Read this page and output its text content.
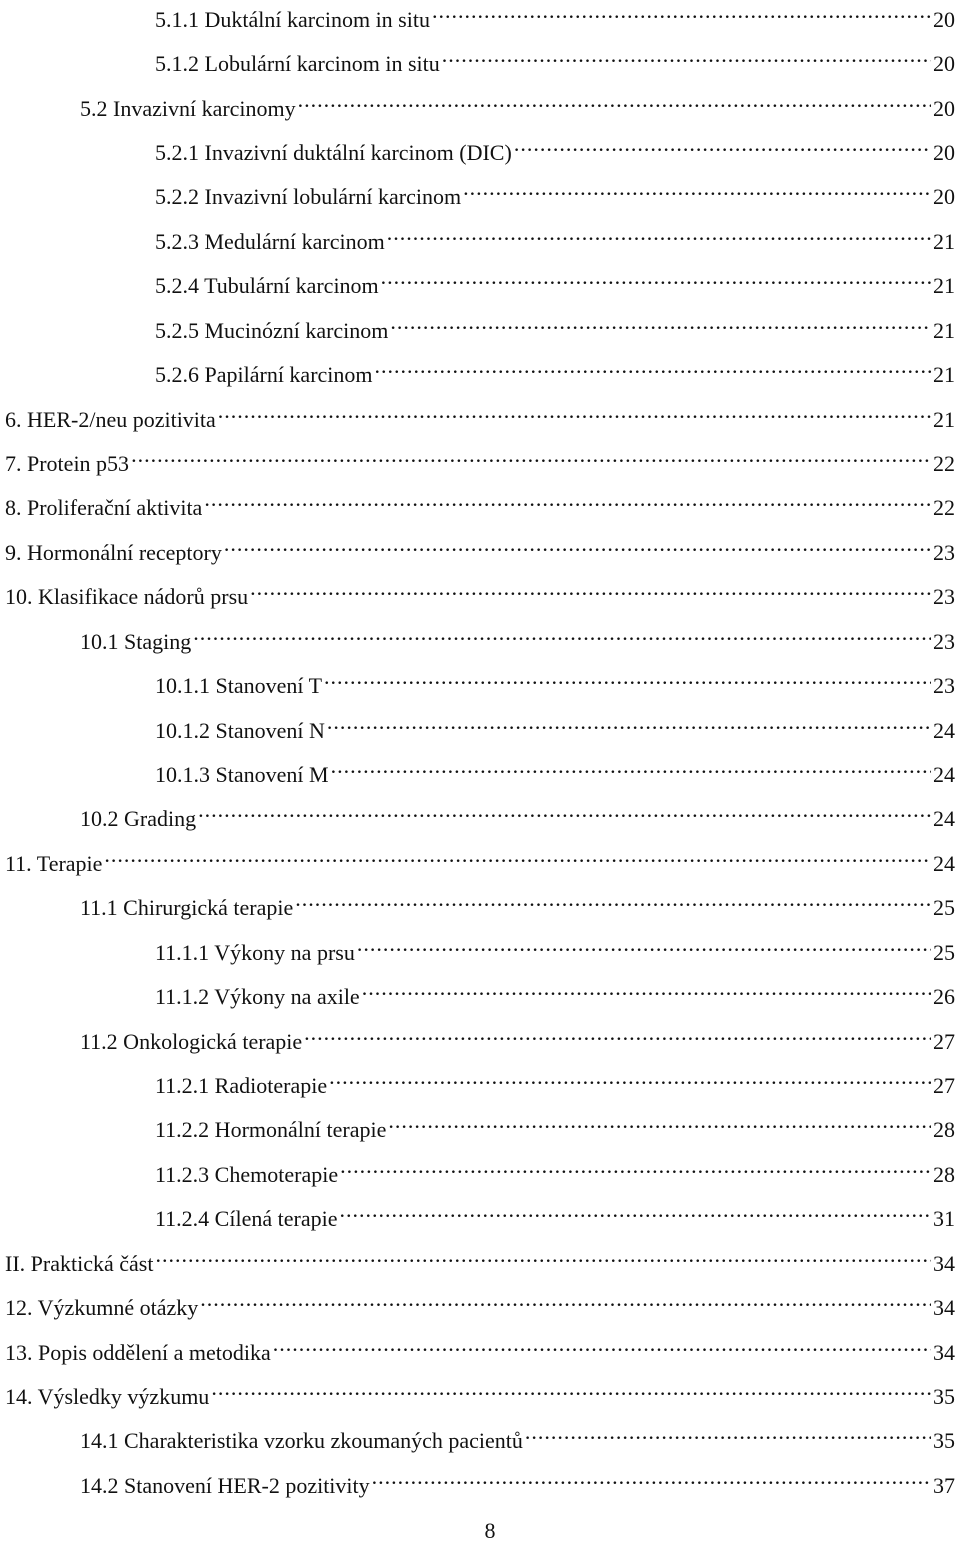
5.1.1 Duktální karcinom in situ .....	20
5.1.2 Lobulární karcinom in situ .....	20
5.2 Invazivní karcinomy .....	20
5.2.1 Invazivní duktální karcinom (DIC) .....	20
5.2.2 Invazivní lobulární karcinom .....	20
5.2.3 Medulární karcinom .....	21
5.2.4 Tubulární karcinom .....	21
5.2.5 Mucinózní karcinom .....	21
5.2.6 Papilární karcinom .....	21
6. HER-2/neu pozitivita .....	21
7. Protein p53 .....	22
8. Proliferační aktivita .....	22
9. Hormonální receptory .....	23
10. Klasifikace nádorů prsu .....	23
10.1 Staging .....	23
10.1.1 Stanovení T .....	23
10.1.2 Stanovení N .....	24
10.1.3 Stanovení M .....	24
10.2 Grading .....	24
11. Terapie .....	24
11.1 Chirurgická terapie .....	25
11.1.1 Výkony na prsu .....	25
11.1.2 Výkony na axile .....	26
11.2 Onkologická terapie .....	27
11.2.1 Radioterapie .....	27
11.2.2 Hormonální terapie .....	28
11.2.3 Chemoterapie .....	28
11.2.4 Cílená terapie .....	31
II. Praktická část .....	34
12. Výzkumné otázky .....	34
13. Popis oddělení a metodika .....	34
14. Výsledky výzkumu .....	35
14.1 Charakteristika vzorku zkoumaných pacientů .....	35
14.2 Stanovení HER-2 pozitivity .....	37
8
